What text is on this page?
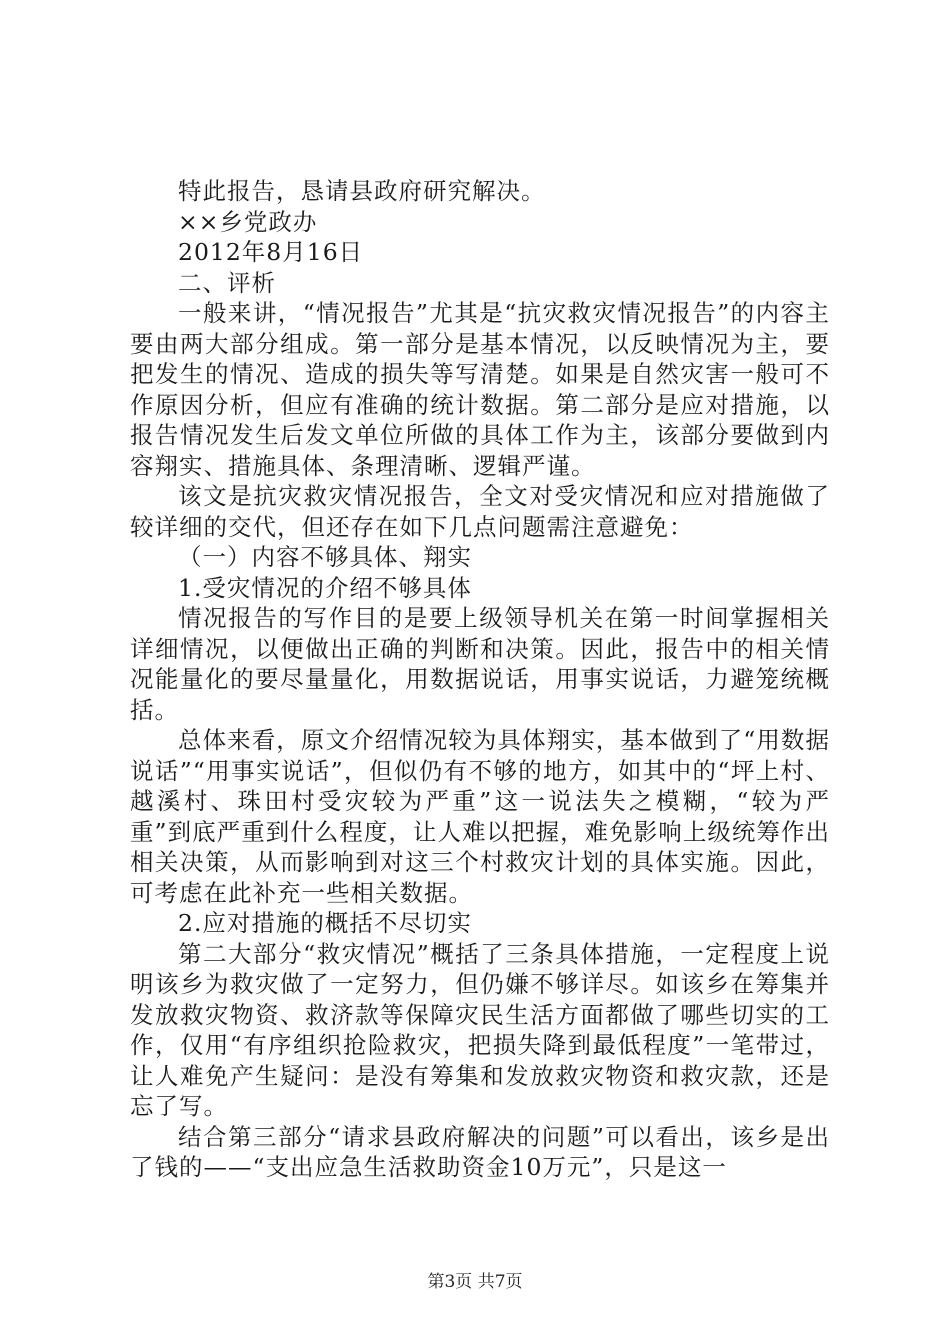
特此报告，恳请县政府研究解决。

××乡党政办

2012年8月16日

二、评析

一般来讲，“情况报告”尤其是“抗灾救灾情况报告”的内容主要由两大部分组成。第一部分是基本情况，以反映情况为主，要把发生的情况、造成的损失等写清楚。如果是自然灾害一般可不作原因分析，但应有准确的统计数据。第二部分是应对措施，以报告情况发生后发文单位所做的具体工作为主，该部分要做到内容翔实、措施具体、条理清晰、逻辑严谨。

该文是抗灾救灾情况报告，全文对受灾情况和应对措施做了较详细的交代，但还存在如下几点问题需注意避免：

（一）内容不够具体、翔实

1.受灾情况的介绍不够具体

情况报告的写作目的是要上级领导机关在第一时间掌握相关详细情况，以便做出正确的判断和决策。因此，报告中的相关情况能量化的要尽量量化，用数据说话，用事实说话，力避笼统概括。

总体来看，原文介绍情况较为具体翔实，基本做到了“用数据说话”“用事实说话”，但似仍有不够的地方，如其中的“坪上村、越溪村、珠田村受灾较为严重”这一说法失之模糊，“较为严重”到底严重到什么程度，让人难以把握，难免影响上级统筹作出相关决策，从而影响到对这三个村救灾计划的具体实施。因此，可考虑在此补充一些相关数据。

2.应对措施的概括不尽切实

第二大部分“救灾情况”概括了三条具体措施，一定程度上说明该乡为救灾做了一定努力，但仍嫌不够详尽。如该乡在筹集并发放救灾物资、救济款等保障灾民生活方面都做了哪些切实的工作，仅用“有序组织抢险救灾，把损失降到最低程度”一笔带过，让人难免产生疑问：是没有筹集和发放救灾物资和救灾款，还是忘了写。

结合第三部分“请求县政府解决的问题”可以看出，该乡是出了钱的——“支出应急生活救助资金10万元”，只是这一

第3页 共7页
